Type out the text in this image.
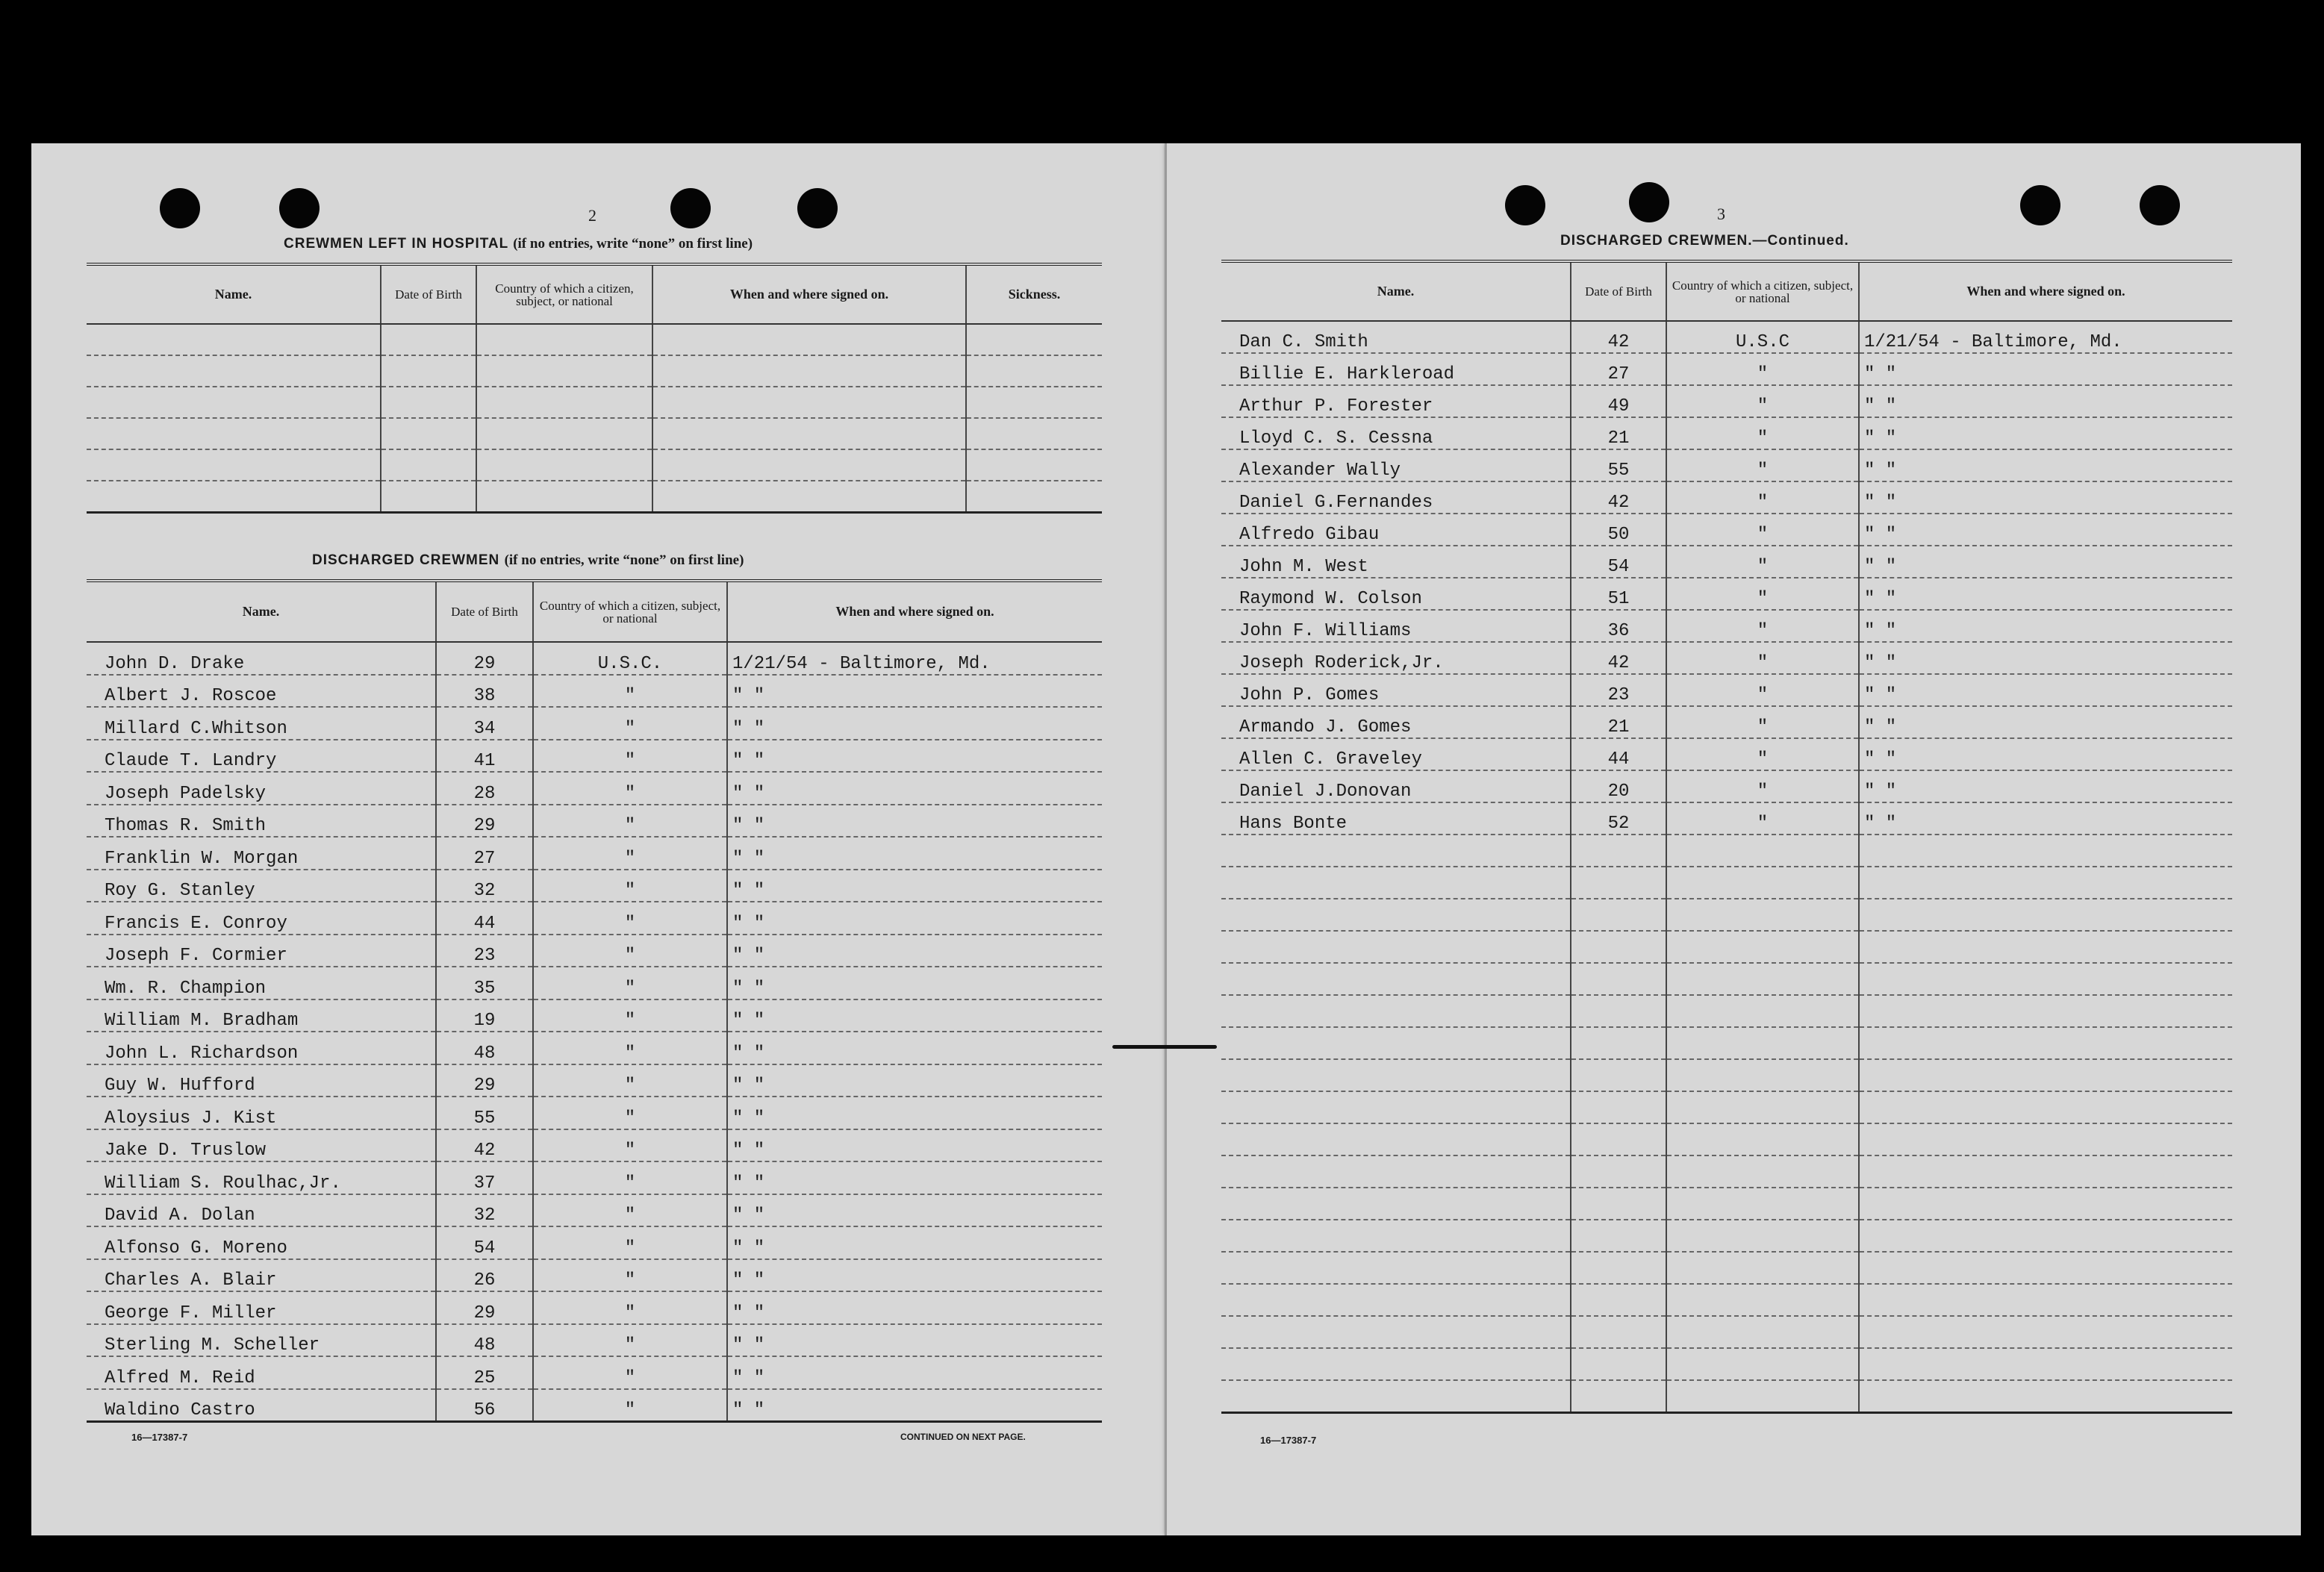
2
CREWMEN LEFT IN HOSPITAL (if no entries, write “none” on first line)
Name.	Date of Birth	Country of which a citizen, subject, or national	When and where signed on.	Sickness.

DISCHARGED CREWMEN (if no entries, write “none” on first line)
Name.	Date of Birth	Country of which a citizen, subject, or national	When and where signed on.
John D. Drake	29	U.S.C.	1/21/54 - Baltimore, Md.
Albert J. Roscoe	38	"	" "
Millard C.Whitson	34	"	" "
Claude T. Landry	41	"	" "
Joseph Padelsky	28	"	" "
Thomas R. Smith	29	"	" "
Franklin W. Morgan	27	"	" "
Roy G. Stanley	32	"	" "
Francis E. Conroy	44	"	" "
Joseph F. Cormier	23	"	" "
Wm. R. Champion	35	"	" "
William M. Bradham	19	"	" "
John L. Richardson	48	"	" "
Guy W. Hufford	29	"	" "
Aloysius J. Kist	55	"	" "
Jake D. Truslow	42	"	" "
William S. Roulhac,Jr.	37	"	" "
David A. Dolan	32	"	" "
Alfonso G. Moreno	54	"	" "
Charles A. Blair	26	"	" "
George F. Miller	29	"	" "
Sterling M. Scheller	48	"	" "
Alfred M. Reid	25	"	" "
Waldino Castro	56	"	" "
16—17387-7	CONTINUED ON NEXT PAGE.
3
DISCHARGED CREWMEN.—Continued.
Name.	Date of Birth	Country of which a citizen, subject, or national	When and where signed on.
Dan C. Smith	42	U.S.C	1/21/54 - Baltimore, Md.
Billie E. Harkleroad	27	"	" "
Arthur P. Forester	49	"	" "
Lloyd C. S. Cessna	21	"	" "
Alexander Wally	55	"	" "
Daniel G.Fernandes	42	"	" "
Alfredo Gibau	50	"	" "
John M. West	54	"	" "
Raymond W. Colson	51	"	" "
John F. Williams	36	"	" "
Joseph Roderick,Jr.	42	"	" "
John P. Gomes	23	"	" "
Armando J. Gomes	21	"	" "
Allen C. Graveley	44	"	" "
Daniel J.Donovan	20	"	" "
Hans Bonte	52	"	" "

16—17387-7
